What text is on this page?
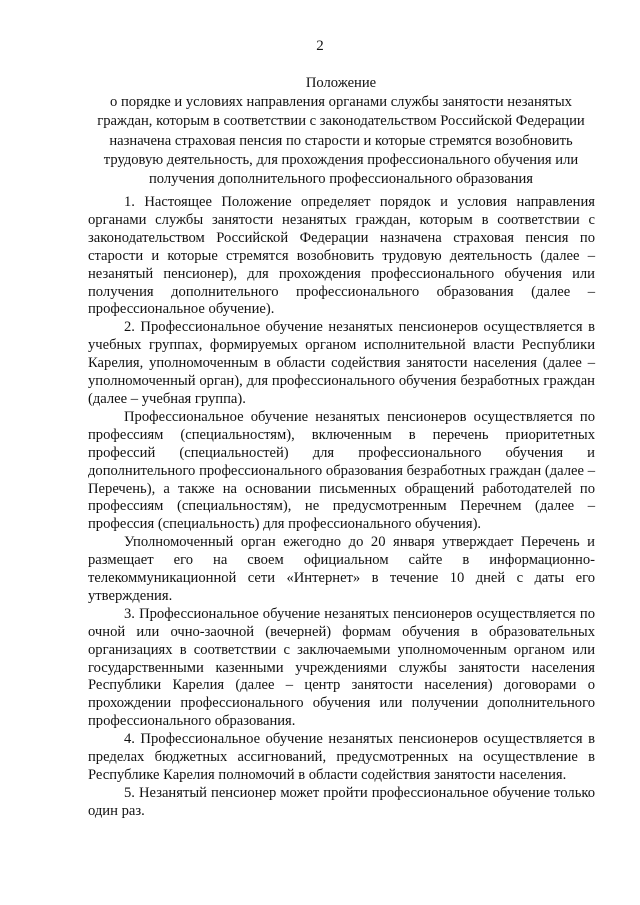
2
Положение
о порядке и условиях направления органами службы занятости незанятых граждан, которым в соответствии с законодательством Российской Федерации назначена страховая пенсия по старости и которые стремятся возобновить трудовую деятельность, для прохождения профессионального обучения или получения дополнительного профессионального образования

1. Настоящее Положение определяет порядок и условия направления органами службы занятости незанятых граждан, которым в соответствии с законодательством Российской Федерации назначена страховая пенсия по старости и которые стремятся возобновить трудовую деятельность (далее – незанятый пенсионер), для прохождения профессионального обучения или получения дополнительного профессионального образования (далее – профессиональное обучение).

2. Профессиональное обучение незанятых пенсионеров осуществляется в учебных группах, формируемых органом исполнительной власти Республики Карелия, уполномоченным в области содействия занятости населения (далее – уполномоченный орган), для профессионального обучения безработных граждан (далее – учебная группа).

Профессиональное обучение незанятых пенсионеров осуществляется по профессиям (специальностям), включенным в перечень приоритетных профессий (специальностей) для профессионального обучения и дополнительного профессионального образования безработных граждан (далее – Перечень), а также на основании письменных обращений работодателей по профессиям (специальностям), не предусмотренным Перечнем (далее – профессия (специальность) для профессионального обучения).

Уполномоченный орган ежегодно до 20 января утверждает Перечень и размещает его на своем официальном сайте в информационно-телекоммуникационной сети «Интернет» в течение 10 дней с даты его утверждения.

3. Профессиональное обучение незанятых пенсионеров осуществляется по очной или очно-заочной (вечерней) формам обучения в образовательных организациях в соответствии с заключаемыми уполномоченным органом или государственными казенными учреждениями службы занятости населения Республики Карелия (далее – центр занятости населения) договорами о прохождении профессионального обучения или получении дополнительного профессионального образования.

4. Профессиональное обучение незанятых пенсионеров осуществляется в пределах бюджетных ассигнований, предусмотренных на осуществление в Республике Карелия полномочий в области содействия занятости населения.

5. Незанятый пенсионер может пройти профессиональное обучение только один раз.
